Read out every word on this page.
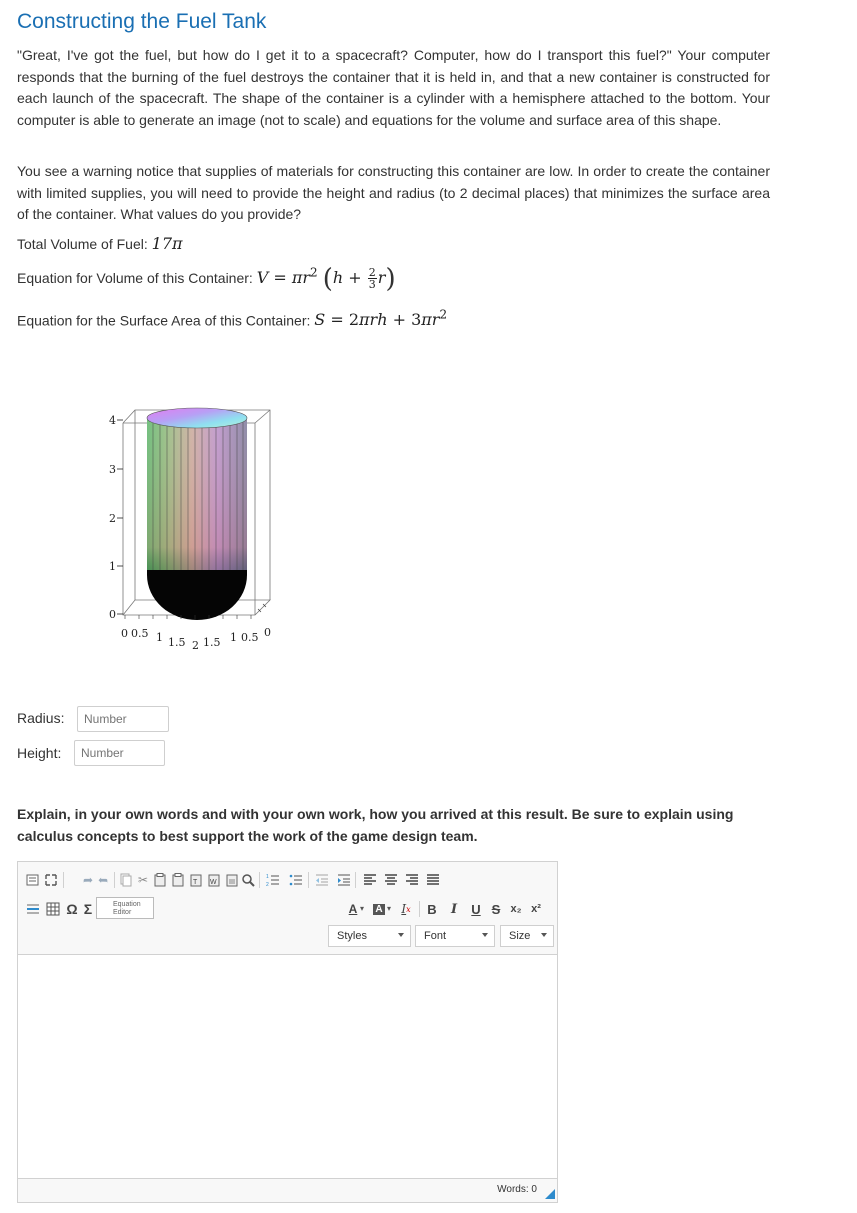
Constructing the Fuel Tank

"Great, I've got the fuel, but how do I get it to a spacecraft? Computer, how do I transport this fuel?" Your computer responds that the burning of the fuel destroys the container that it is held in, and that a new container is constructed for each launch of the spacecraft. The shape of the container is a cylinder with a hemisphere attached to the bottom. Your computer is able to generate an image (not to scale) and equations for the volume and surface area of this shape.

You see a warning notice that supplies of materials for constructing this container are low. In order to create the container with limited supplies, you will need to provide the height and radius (to 2 decimal places) that minimizes the surface area of the container. What values do you provide?

Total Volume of Fuel: 17π
Equation for Volume of this Container: $V = \pi r^2$ $(h + \frac{2}{3} r)$
Equation for the Surface Area of this Container: $S = 2\pi rh + 3\pi r^2$
4
3
2
1
0
0 0.5 1 1.5 2 1.5 1 0.5 0
Radius:
Number
Height:
Number

Explain, in your own words and with your own work, how you arrived at this result. Be sure to explain using calculus concepts to best support the work of the game design team.

➦ ➦ ✂	T W
1
2
Ω Σ	Equation
Editor	A ▾ A ▾ I x B	I	U S x₂ x²
Styles	Font	Size
Words: 0
